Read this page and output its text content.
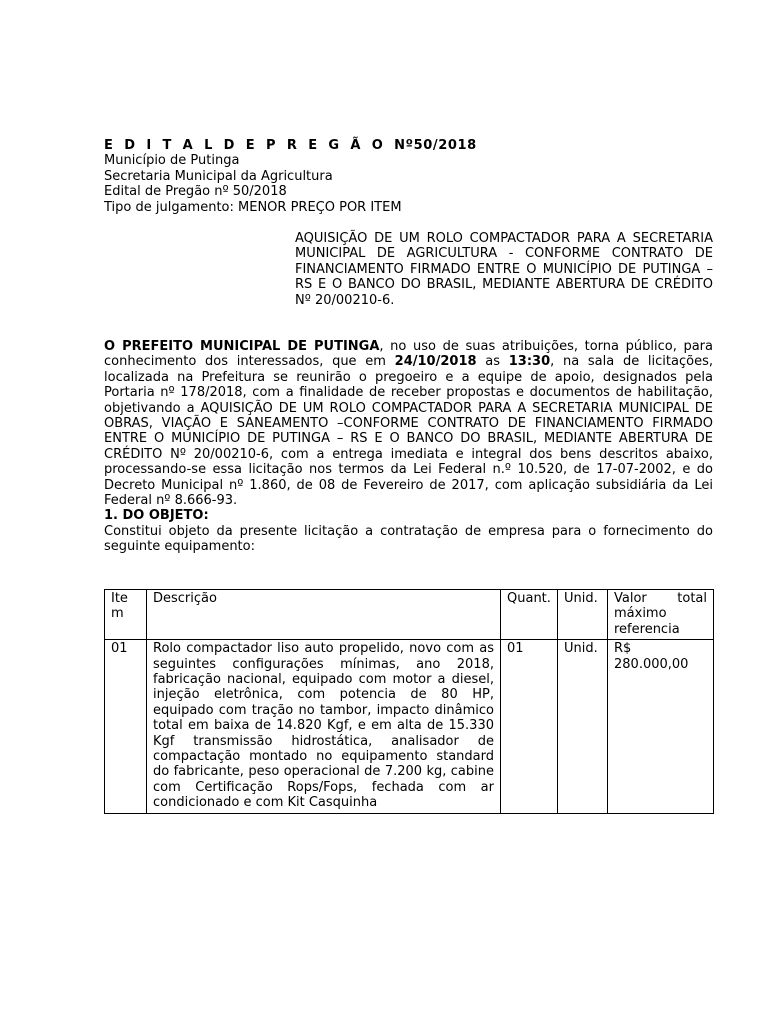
E D I T A L D E P R E G Ã O Nº50/2018
Município de Putinga
Secretaria Municipal da Agricultura
Edital de Pregão nº 50/2018
Tipo de julgamento: MENOR PREÇO POR ITEM
AQUISIÇÃO DE UM ROLO COMPACTADOR PARA A SECRETARIA MUNICIPAL DE AGRICULTURA - CONFORME CONTRATO DE FINANCIAMENTO FIRMADO ENTRE O MUNICÍPIO DE PUTINGA – RS E O BANCO DO BRASIL, MEDIANTE ABERTURA DE CRÉDITO Nº 20/00210-6.

O PREFEITO MUNICIPAL DE PUTINGA, no uso de suas atribuições, torna público, para conhecimento dos interessados, que em 24/10/2018 as 13:30, na sala de licitações, localizada na Prefeitura se reunirão o pregoeiro e a equipe de apoio, designados pela Portaria nº 178/2018, com a finalidade de receber propostas e documentos de habilitação, objetivando a AQUISIÇÃO DE UM ROLO COMPACTADOR PARA A SECRETARIA MUNICIPAL DE OBRAS, VIAÇÃO E SANEAMENTO –CONFORME CONTRATO DE FINANCIAMENTO FIRMADO ENTRE O MUNICÍPIO DE PUTINGA – RS E O BANCO DO BRASIL, MEDIANTE ABERTURA DE CRÉDITO Nº 20/00210-6, com a entrega imediata e integral dos bens descritos abaixo, processando-se essa licitação nos termos da Lei Federal n.º 10.520, de 17-07-2002, e do Decreto Municipal nº 1.860, de 08 de Fevereiro de 2017, com aplicação subsidiária da Lei Federal nº 8.666-93.

1. DO OBJETO:

Constitui objeto da presente licitação a contratação de empresa para o fornecimento do seguinte equipamento:

Item	Descrição	Quant.	Unid.	Valor total máximo referencia
01	Rolo compactador liso auto propelido, novo com as seguintes configurações mínimas, ano 2018, fabricação nacional, equipado com motor a diesel, injeção eletrônica, com potencia de 80 HP, equipado com tração no tambor, impacto dinâmico total em baixa de 14.820 Kgf, e em alta de 15.330 Kgf transmissão hidrostática, analisador de compactação montado no equipamento standard do fabricante, peso operacional de 7.200 kg, cabine com Certificação Rops/Fops, fechada com ar condicionado e com Kit Casquinha	01	Unid.	R$ 280.000,00
